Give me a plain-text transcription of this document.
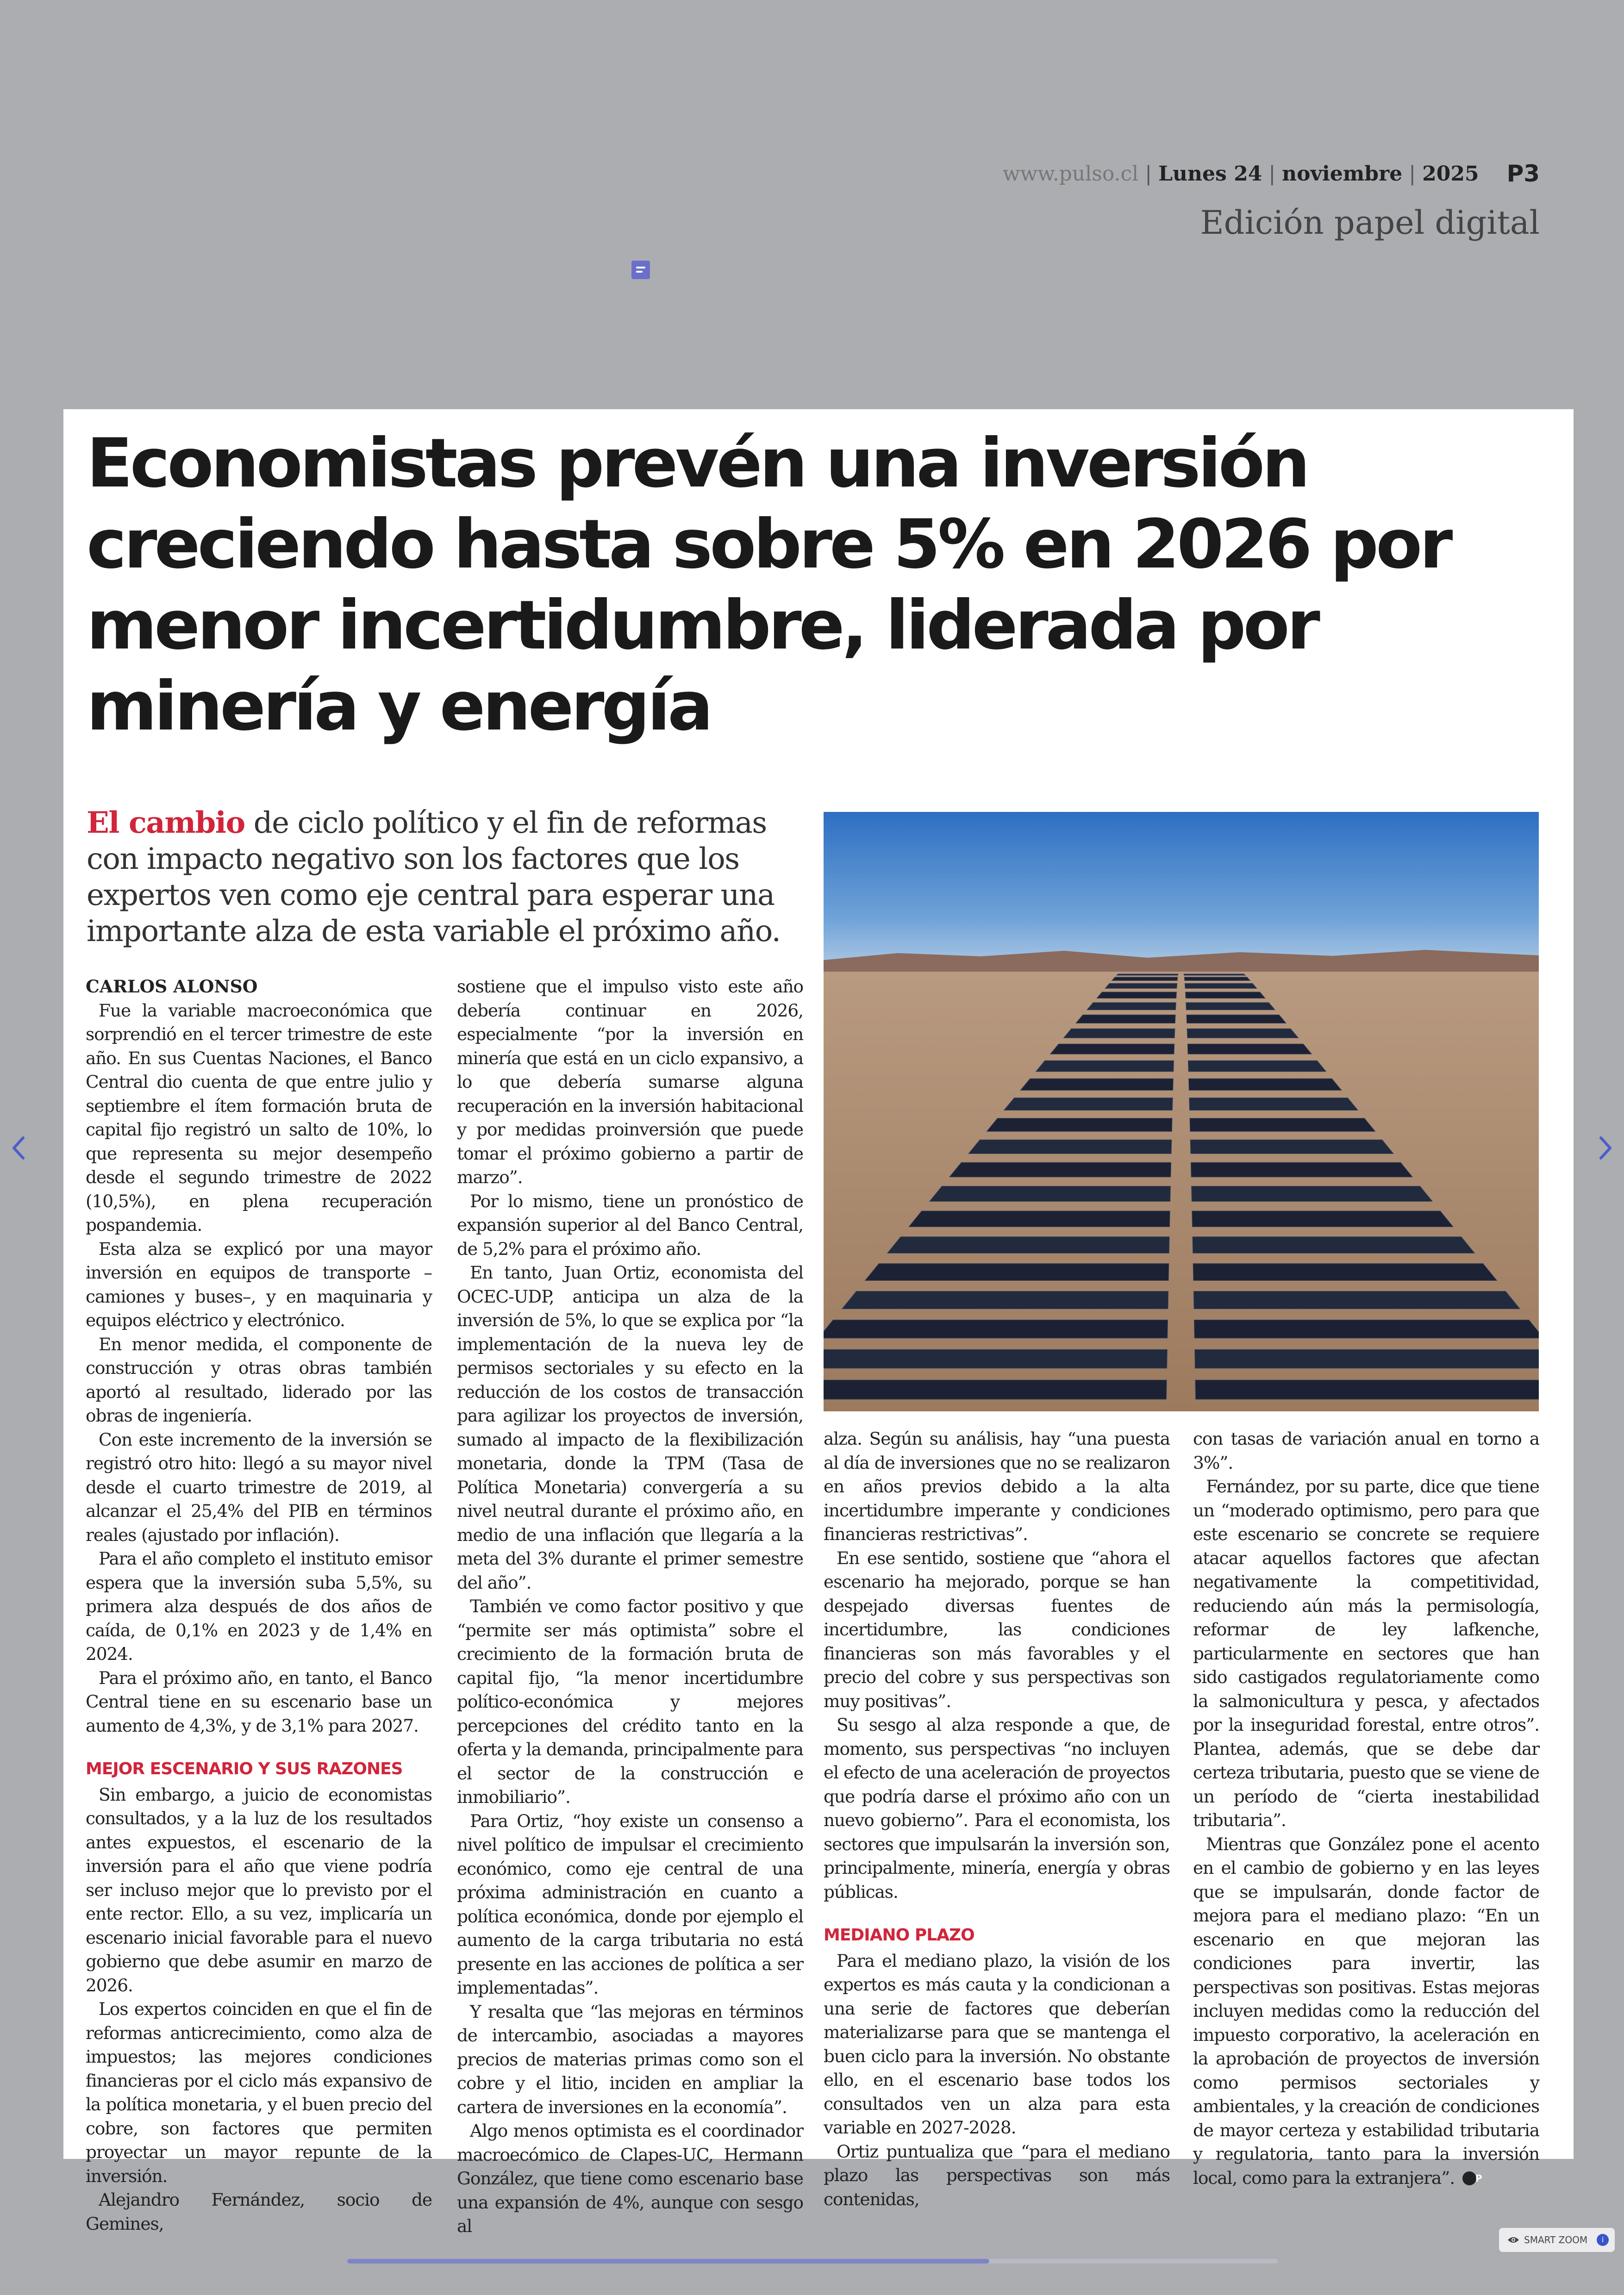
www.pulso.cl | Lunes 24 | noviembre | 2025 P3
Edición papel digital
Economistas prevén una inversión creciendo hasta sobre 5% en 2026 por menor incertidumbre, liderada por minería y energía

El cambio de ciclo político y el fin de reformas con impacto negativo son los factores que los expertos ven como eje central para esperar una importante alza de esta variable el próximo año.

CARLOS ALONSO

Fue la variable macroeconómica que sorprendió en el tercer trimestre de este año. En sus Cuentas Naciones, el Banco Central dio cuenta de que entre julio y septiembre el ítem formación bruta de capital fijo registró un salto de 10%, lo que representa su mejor desempeño desde el segundo trimestre de 2022 (10,5%), en plena recuperación pospandemia.

Esta alza se explicó por una mayor inversión en equipos de transporte –camiones y buses–, y en maquinaria y equipos eléctrico y electrónico.

En menor medida, el componente de construcción y otras obras también aportó al resultado, liderado por las obras de ingeniería.

Con este incremento de la inversión se registró otro hito: llegó a su mayor nivel desde el cuarto trimestre de 2019, al alcanzar el 25,4% del PIB en términos reales (ajustado por inflación).

Para el año completo el instituto emisor espera que la inversión suba 5,5%, su primera alza después de dos años de caída, de 0,1% en 2023 y de 1,4% en 2024.

Para el próximo año, en tanto, el Banco Central tiene en su escenario base un aumento de 4,3%, y de 3,1% para 2027.

MEJOR ESCENARIO Y SUS RAZONES

Sin embargo, a juicio de economistas consultados, y a la luz de los resultados antes expuestos, el escenario de la inversión para el año que viene podría ser incluso mejor que lo previsto por el ente rector. Ello, a su vez, implicaría un escenario inicial favorable para el nuevo gobierno que debe asumir en marzo de 2026.

Los expertos coinciden en que el fin de reformas anticrecimiento, como alza de impuestos; las mejores condiciones financieras por el ciclo más expansivo de la política monetaria, y el buen precio del cobre, son factores que permiten proyectar un mayor repunte de la inversión.

Alejandro Fernández, socio de Gemines,

sostiene que el impulso visto este año debería continuar en 2026, especialmente “por la inversión en minería que está en un ciclo expansivo, a lo que debería sumarse alguna recuperación en la inversión habitacional y por medidas proinversión que puede tomar el próximo gobierno a partir de marzo”.

Por lo mismo, tiene un pronóstico de expansión superior al del Banco Central, de 5,2% para el próximo año.

En tanto, Juan Ortiz, economista del OCEC-UDP, anticipa un alza de la inversión de 5%, lo que se explica por “la implementación de la nueva ley de permisos sectoriales y su efecto en la reducción de los costos de transacción para agilizar los proyectos de inversión, sumado al impacto de la flexibilización monetaria, donde la TPM (Tasa de Política Monetaria) convergería a su nivel neutral durante el próximo año, en medio de una inflación que llegaría a la meta del 3% durante el primer semestre del año”.

También ve como factor positivo y que “permite ser más optimista” sobre el crecimiento de la formación bruta de capital fijo, “la menor incertidumbre político-económica y mejores percepciones del crédito tanto en la oferta y la demanda, principalmente para el sector de la construcción e inmobiliario”.

Para Ortiz, “hoy existe un consenso a nivel político de impulsar el crecimiento económico, como eje central de una próxima administración en cuanto a política económica, donde por ejemplo el aumento de la carga tributaria no está presente en las acciones de política a ser implementadas”.

Y resalta que “las mejoras en términos de intercambio, asociadas a mayores precios de materias primas como son el cobre y el litio, inciden en ampliar la cartera de inversiones en la economía”.

Algo menos optimista es el coordinador macroecómico de Clapes-UC, Hermann González, que tiene como escenario base una expansión de 4%, aunque con sesgo al

alza. Según su análisis, hay “una puesta al día de inversiones que no se realizaron en años previos debido a la alta incertidumbre imperante y condiciones financieras restrictivas”.

En ese sentido, sostiene que “ahora el escenario ha mejorado, porque se han despejado diversas fuentes de incertidumbre, las condiciones financieras son más favorables y el precio del cobre y sus perspectivas son muy positivas”.

Su sesgo al alza responde a que, de momento, sus perspectivas “no incluyen el efecto de una aceleración de proyectos que podría darse el próximo año con un nuevo gobierno”. Para el economista, los sectores que impulsarán la inversión son, principalmente, minería, energía y obras públicas.

MEDIANO PLAZO

Para el mediano plazo, la visión de los expertos es más cauta y la condicionan a una serie de factores que deberían materializarse para que se mantenga el buen ciclo para la inversión. No obstante ello, en el escenario base todos los consultados ven un alza para esta variable en 2027-2028.

Ortiz puntualiza que “para el mediano plazo las perspectivas son más contenidas,

con tasas de variación anual en torno a 3%”.

Fernández, por su parte, dice que tiene un “moderado optimismo, pero para que este escenario se concrete se requiere atacar aquellos factores que afectan negativamente la competitividad, reduciendo aún más la permisología, reformar de ley lafkenche, particularmente en sectores que han sido castigados regulatoriamente como la salmonicultura y pesca, y afectados por la inseguridad forestal, entre otros”. Plantea, además, que se debe dar certeza tributaria, puesto que se viene de un período de “cierta inestabilidad tributaria”.

Mientras que González pone el acento en el cambio de gobierno y en las leyes que se impulsarán, donde factor de mejora para el mediano plazo: “En un escenario en que mejoran las condiciones para invertir, las perspectivas son positivas. Estas mejoras incluyen medidas como la reducción del impuesto corporativo, la aceleración en la aprobación de proyectos de inversión como permisos sectoriales y ambientales, y la creación de condiciones de mayor certeza y estabilidad tributaria y regulatoria, tanto para la inversión local, como para la extranjera”. P

SMART ZOOM	i
